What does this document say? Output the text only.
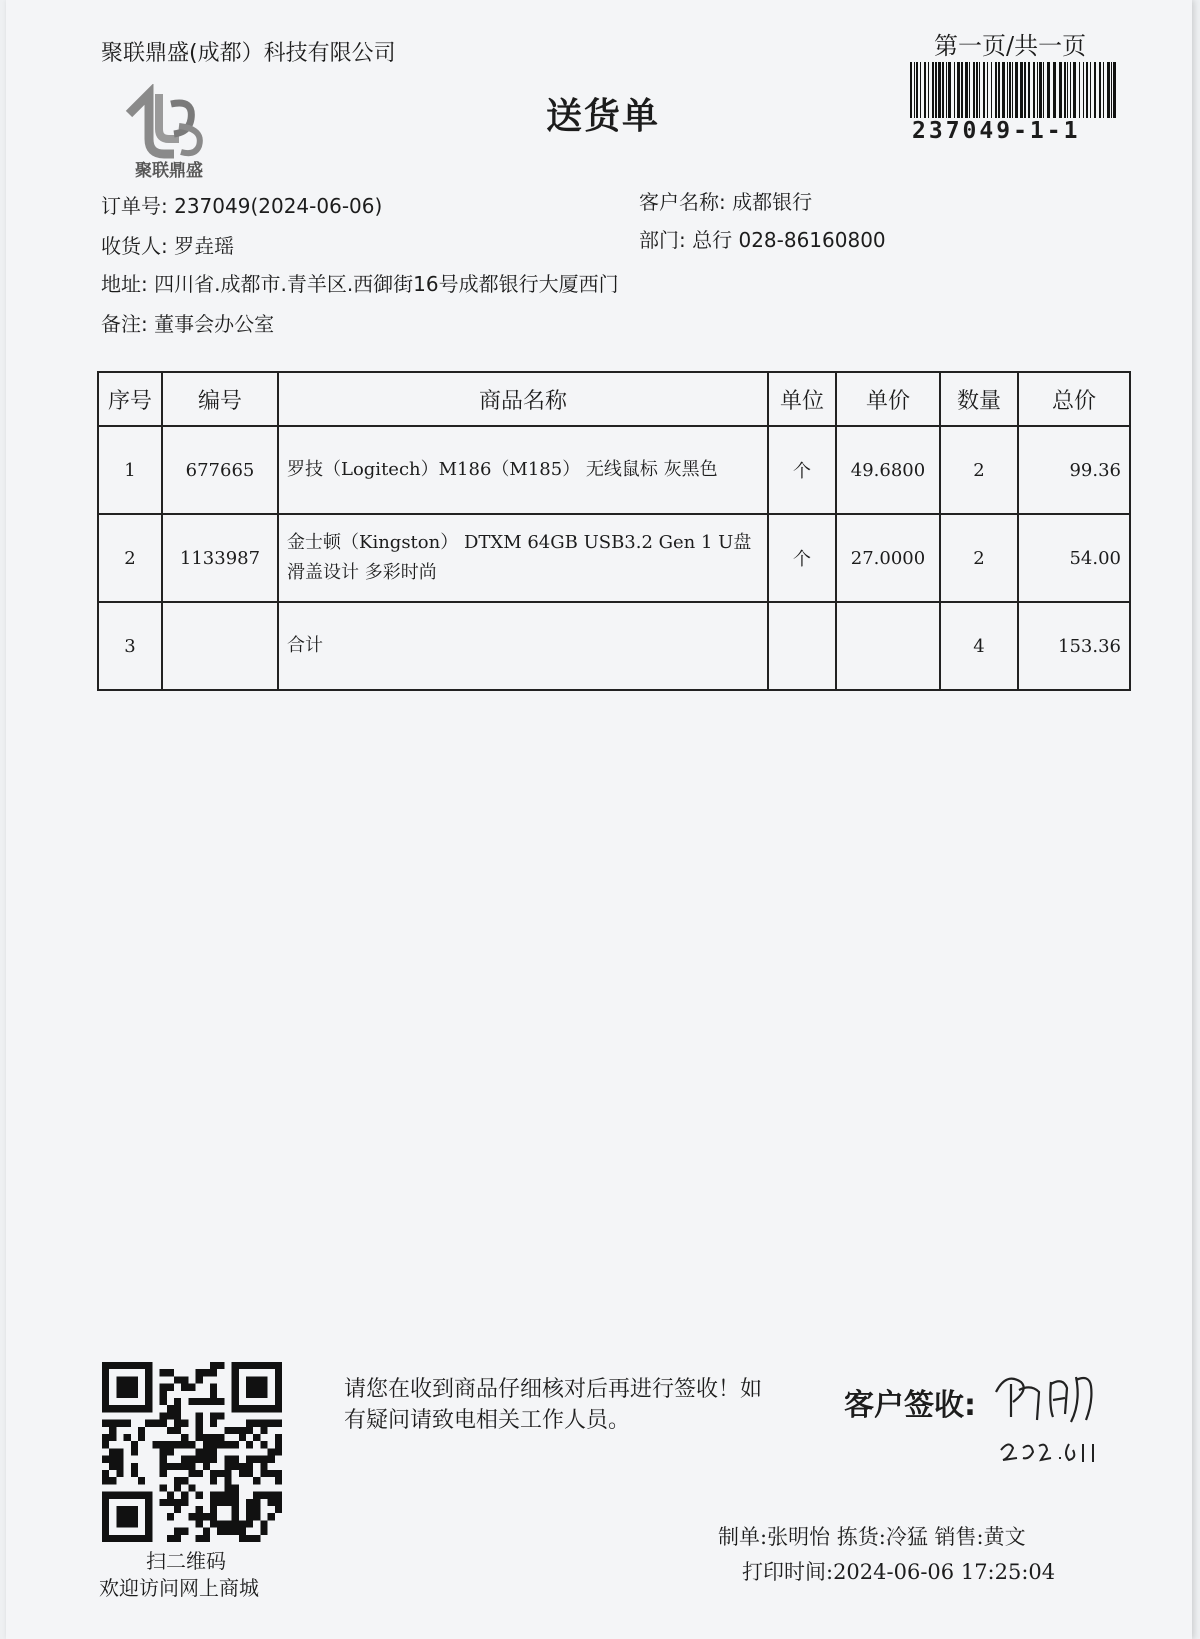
聚联鼎盛(成都）科技有限公司	第一页/共一页
送货单
聚联鼎盛
237049-1-1
订单号: 237049(2024-06-06)
收货人: 罗垚瑶
地址: 四川省.成都市.青羊区.西御街16号成都银行大厦西门
备注: 董事会办公室
客户名称: 成都银行
部门: 总行 028-86160800
序号	编号	商品名称	单位	单价	数量	总价
1	677665	罗技（Logitech）M186（M185） 无线鼠标 灰黑色	个	49.6800	2	99.36
2	1133987	金士顿（Kingston） DTXM 64GB USB3.2 Gen 1 U盘 滑盖设计 多彩时尚	个	27.0000	2	54.00
3		合计			4	153.36
扫二维码
欢迎访问网上商城
请您在收到商品仔细核对后再进行签收！如有疑问请致电相关工作人员。	客户签收:
制单:张明怡 拣货:冷猛 销售:黄文
打印时间:2024-06-06 17:25:04
